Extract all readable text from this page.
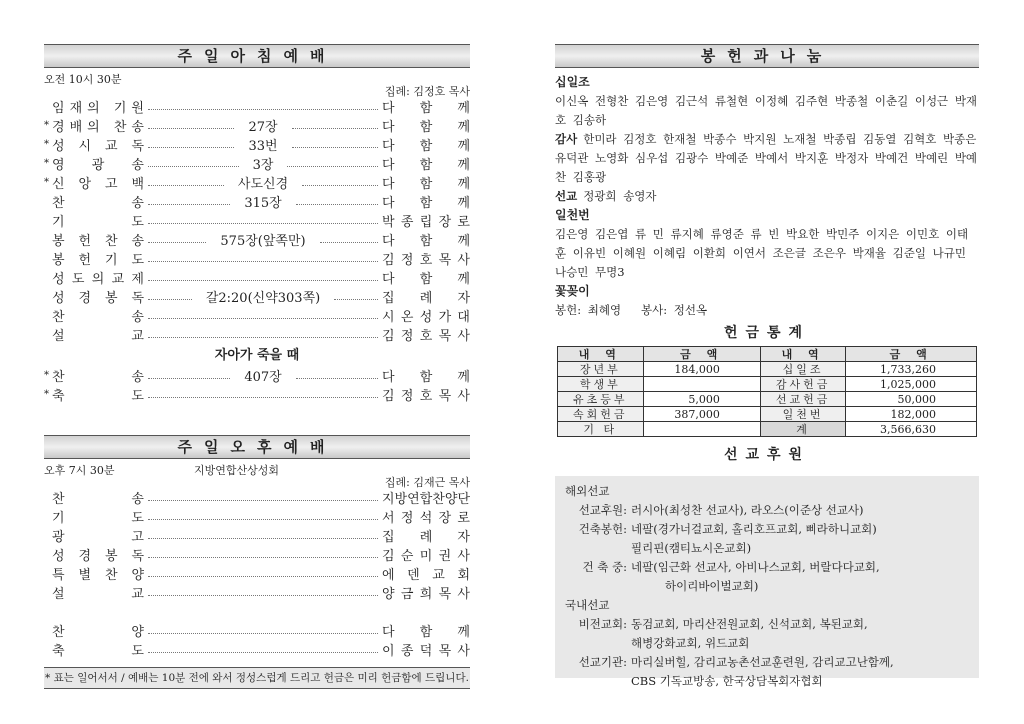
주일아침예배
오전 10시 30분
집례: 김정호 목사
임재의 기원	다 함 께
* 경배의 찬송	27장	다 함 께
* 성시교독	33번	다 함 께
* 영광송	3장	다 함 께
* 신앙고백	사도신경	다 함 께
찬송	315장	다 함 께
기도	박종립장로
봉헌찬송	575장(앞쪽만)	다 함 께
봉헌기도	김정호목사
성도의교제	다 함 께
성경봉독	갈2:20(신약303쪽)	집 례 자
찬송	시온성가대
설교	김정호목사
자아가 죽을 때
* 찬송	407장	다 함 께
* 축도	김정호목사
주일오후예배
오후 7시 30분	지방연합산상성회
집례: 김재근 목사
찬송	지방연합찬양단
기도	서정석장로
광고	집 례 자
성경봉독	김순미권사
특별찬양	에덴교회
설교	양금희목사
찬양	다 함 께
축도	이종덕목사
* 표는 일어서서 / 예배는 10분 전에 와서 정성스럽게 드리고 헌금은 미리 헌금함에 드립니다.
봉헌과나눔
십일조
이신옥 전형찬 김은영 김근석 류철현 이정혜 김주현 박종철 이춘길 이성근 박재호 김송하
감사 한미라 김정호 한재철 박종수 박지원 노재철 박종립 김동열 김혁호 박종은 유덕관 노영화 심우섭 김광수 박예준 박예서 박지훈 박정자 박예건 박예린 박예찬 김홍광
선교 정광희 송영자
일천번
김은영 김은엽 류 민 류지혜 류영준 류 빈 박요한 박민주 이지은 이민호 이태훈 이유빈 이혜원 이혜림 이환희 이연서 조은글 조은우 박재율 김준일 나규민 나승민 무명3
꽃꽂이
봉헌: 최혜영   봉사: 정선옥
헌금통계
내 역	금 액	내 역	금 액
장년부	184,000	십일조	1,733,260
학생부		감사헌금	1,025,000
유초등부	5,000	선교헌금	50,000
속회헌금	387,000	일천번	182,000
기 타		계	3,566,630
선교후원
해외선교
선교후원: 러시아(최성찬 선교사), 라오스(이준상 선교사)
건축봉헌: 네팔(경가너걸교회, 홀리호프교회, 삐라하니교회)
필리핀(캠티뇨시온교회)
건 축 중: 네팔(임근화 선교사, 아비나스교회, 버랄다다교회,
하이리바이벌교회)
국내선교
비전교회: 동검교회, 마리산전원교회, 신석교회, 복된교회,
해병강화교회, 위드교회
선교기관: 마리실버힐, 감리교농촌선교훈련원, 감리교고난함께,
CBS 기독교방송, 한국상담복회자협회
